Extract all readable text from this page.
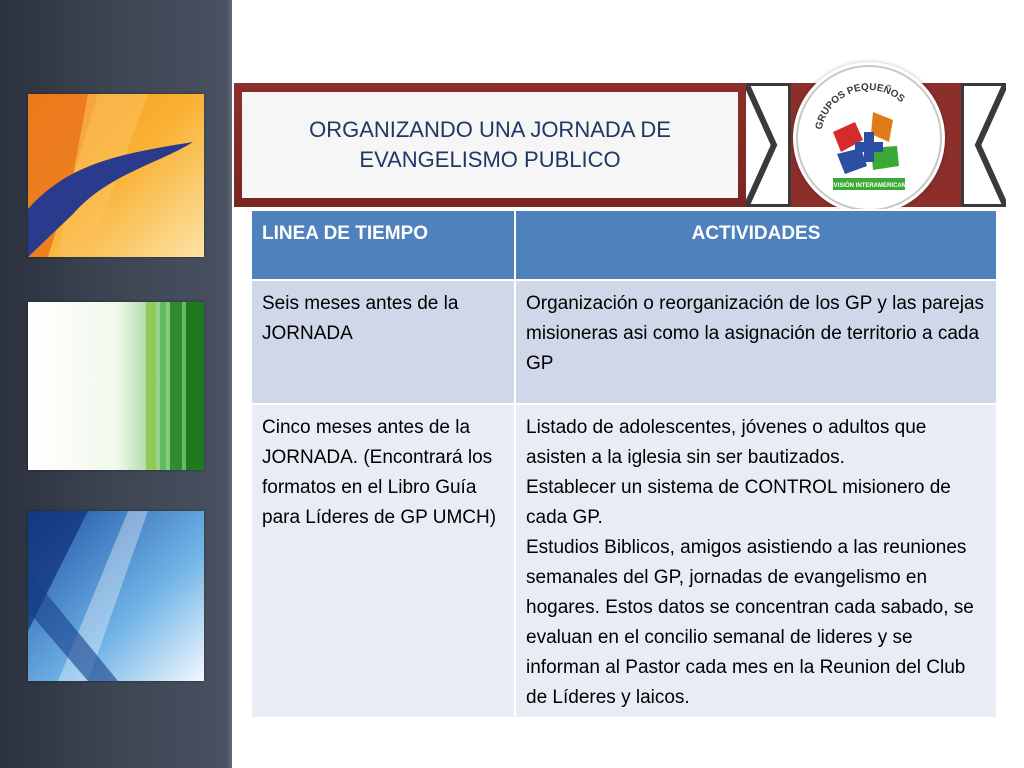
ORGANIZANDO UNA JORNADA DE EVANGELISMO PUBLICO
GRUPOS PEQUEÑOS
DIVISIÓN INTERAMERICANA
LINEA DE TIEMPO	ACTIVIDADES
Seis meses antes de la JORNADA	Organización o reorganización de los GP y las parejas misioneras asi como la asignación de territorio a cada GP

Cinco meses antes de la JORNADA. (Encontrará los formatos en el Libro Guía para Líderes de GP UMCH)	Listado de adolescentes, jóvenes o adultos que asisten a la iglesia sin ser bautizados.
Establecer un sistema de CONTROL misionero de cada GP.
Estudios Biblicos, amigos asistiendo a las reuniones semanales del GP, jornadas de evangelismo en hogares. Estos datos se concentran cada sabado, se evaluan en el concilio semanal de lideres y se informan al Pastor cada mes en la Reunion del Club de Líderes y laicos.
